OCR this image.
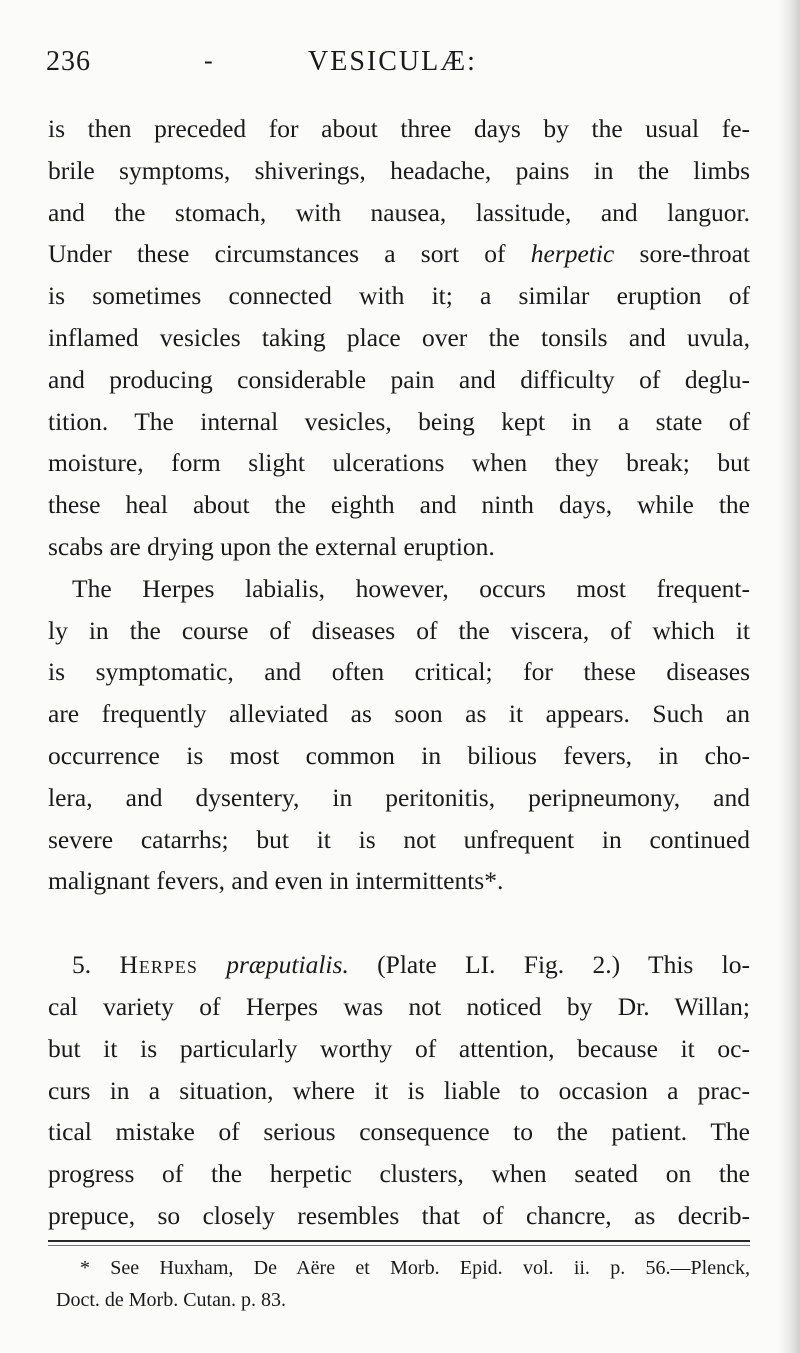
236	-	VESICULÆ:
is then preceded for about three days by the usual fe-
brile symptoms, shiverings, headache, pains in the limbs
and the stomach, with nausea, lassitude, and languor.
Under these circumstances a sort of herpetic sore-throat
is sometimes connected with it; a similar eruption of
inflamed vesicles taking place over the tonsils and uvula,
and producing considerable pain and difficulty of deglu-
tition. The internal vesicles, being kept in a state of
moisture, form slight ulcerations when they break; but
these heal about the eighth and ninth days, while the
scabs are drying upon the external eruption.
The Herpes labialis, however, occurs most frequent-
ly in the course of diseases of the viscera, of which it
is symptomatic, and often critical; for these diseases
are frequently alleviated as soon as it appears. Such an
occurrence is most common in bilious fevers, in cho-
lera, and dysentery, in peritonitis, peripneumony, and
severe catarrhs; but it is not unfrequent in continued
malignant fevers, and even in intermittents*.
5. Herpes præputialis. (Plate LI. Fig. 2.) This lo-
cal variety of Herpes was not noticed by Dr. Willan;
but it is particularly worthy of attention, because it oc-
curs in a situation, where it is liable to occasion a prac-
tical mistake of serious consequence to the patient. The
progress of the herpetic clusters, when seated on the
prepuce, so closely resembles that of chancre, as decrib-
* See Huxham, De Aëre et Morb. Epid. vol. ii. p. 56.—Plenck,
Doct. de Morb. Cutan. p. 83.
